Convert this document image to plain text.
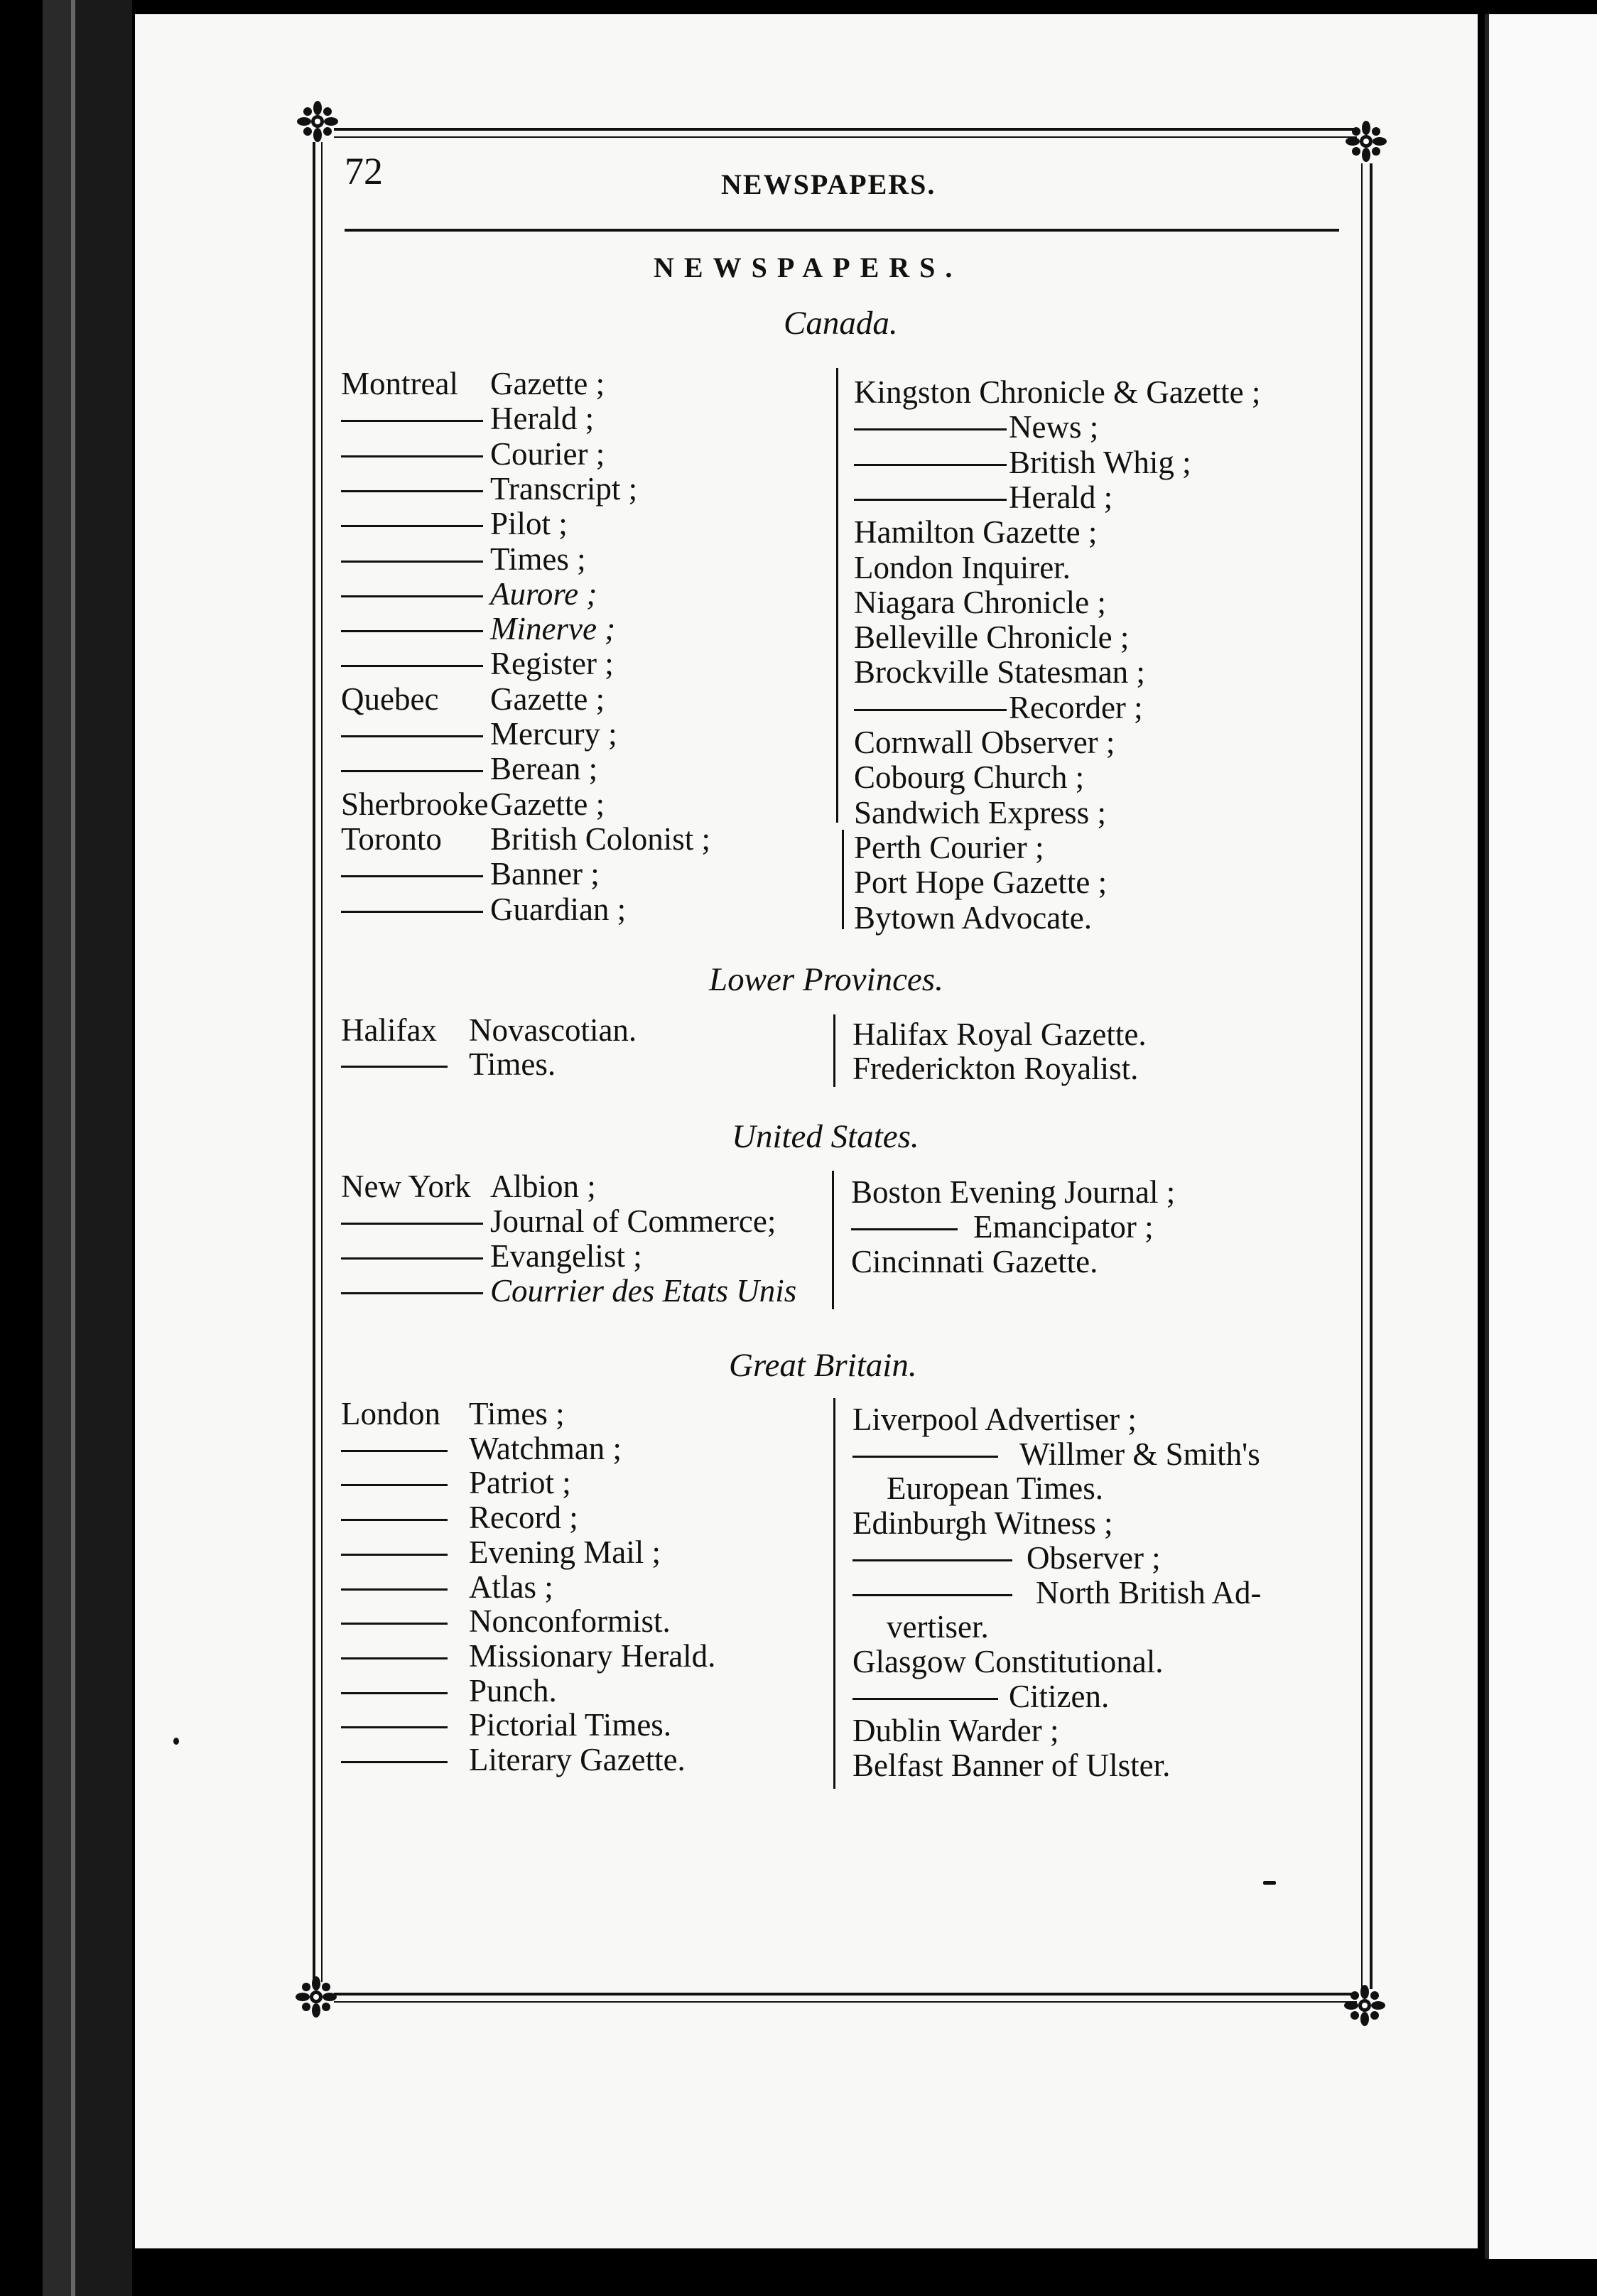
72	NEWSPAPERS.
NEWSPAPERS.
Canada.
Montreal Gazette ;
Herald ;
Courier ;
Transcript ;
Pilot ;
Times ;
Aurore ;
Minerve ;
Register ;
Quebec Gazette ;
Mercury ;
Berean ;
Sherbrooke Gazette ;
Toronto British Colonist ;
Banner ;
Guardian ;
Kingston Chronicle & Gazette ;
News ;
British Whig ;
Herald ;
Hamilton Gazette ;
London Inquirer.
Niagara Chronicle ;
Belleville Chronicle ;
Brockville Statesman ;
Recorder ;
Cornwall Observer ;
Cobourg Church ;
Sandwich Express ;
Perth Courier ;
Port Hope Gazette ;
Bytown Advocate.
Lower Provinces.
Halifax Novascotian.
Times.
Halifax Royal Gazette.
Frederickton Royalist.
United States.
New York Albion ;
Journal of Commerce;
Evangelist ;
Courrier des Etats Unis
Boston Evening Journal ;
Emancipator ;
Cincinnati Gazette.
Great Britain.
London Times ;
Watchman ;
Patriot ;
Record ;
Evening Mail ;
Atlas ;
Nonconformist.
Missionary Herald.
Punch.
Pictorial Times.
Literary Gazette.
Liverpool Advertiser ;
Willmer & Smith's
European Times.
Edinburgh Witness ;
Observer ;
North British Ad-
vertiser.
Glasgow Constitutional.
Citizen.
Dublin Warder ;
Belfast Banner of Ulster.
